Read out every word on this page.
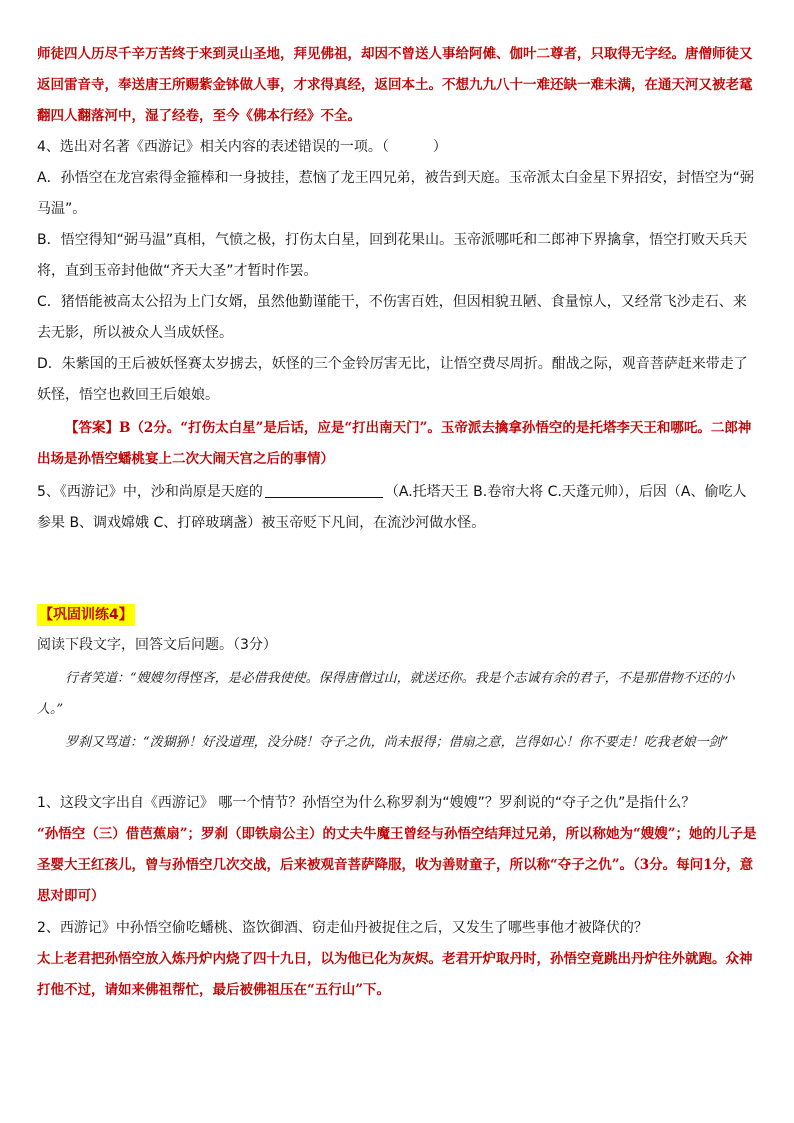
师徒四人历尽千辛万苦终于来到灵山圣地，拜见佛祖，却因不曾送人事给阿傩、伽叶二尊者，只取得无字经。唐僧师徒又返回雷音寺，奉送唐王所赐紫金钵做人事，才求得真经，返回本土。不想九九八十一难还缺一难未满，在通天河又被老鼋翻四人翻落河中，湿了经卷，至今《佛本行经》不全。

4、选出对名著《西游记》相关内容的表述错误的一项。（	）

A．孙悟空在龙宫索得金箍棒和一身披挂，惹恼了龙王四兄弟，被告到天庭。玉帝派太白金星下界招安，封悟空为“弼马温”。

B．悟空得知“弼马温”真相，气愤之极，打伤太白星，回到花果山。玉帝派哪吒和二郎神下界擒拿，悟空打败天兵天将，直到玉帝封他做“齐天大圣”才暂时作罢。

C．猪悟能被高太公招为上门女婿，虽然他勤谨能干，不伤害百姓，但因相貌丑陋、食量惊人，又经常飞沙走石、来去无影，所以被众人当成妖怪。

D．朱紫国的王后被妖怪赛太岁掳去，妖怪的三个金铃厉害无比，让悟空费尽周折。酣战之际，观音菩萨赶来带走了妖怪，悟空也救回王后娘娘。

【答案】B（2分。“打伤太白星”是后话，应是“打出南天门”。玉帝派去擒拿孙悟空的是托塔李天王和哪吒。二郎神出场是孙悟空蟠桃宴上二次大闹天宫之后的事情）

5、《西游记》中，沙和尚原是天庭的	（A.托塔天王 B.卷帘大将 C.天蓬元帅），后因（A、偷吃人参果 B、调戏嫦娥 C、打碎玻璃盏）被玉帝贬下凡间，在流沙河做水怪。

【巩固训练4】

阅读下段文字，回答文后问题。（3分）

行者笑道：“嫂嫂勿得悭吝，是必借我使使。保得唐僧过山，就送还你。我是个志诚有余的君子，不是那借物不还的小人。”

罗刹又骂道：“泼猢狲！好没道理，没分晓！夺子之仇，尚未报得；借扇之意，岂得如心！你不要走！吃我老娘一剑”

1、这段文字出自《西游记》 哪一个情节？孙悟空为什么称罗刹为“嫂嫂”？罗刹说的“夺子之仇”是指什么？

“孙悟空（三）借芭蕉扇”；罗刹（即铁扇公主）的丈夫牛魔王曾经与孙悟空结拜过兄弟，所以称她为“嫂嫂”；她的儿子是圣婴大王红孩儿，曾与孙悟空几次交战，后来被观音菩萨降服，收为善财童子，所以称“夺子之仇”。（3分。每问1分，意思对即可）

2、西游记》中孙悟空偷吃蟠桃、盗饮御酒、窃走仙丹被捉住之后，又发生了哪些事他才被降伏的？

太上老君把孙悟空放入炼丹炉内烧了四十九日，以为他已化为灰烬。老君开炉取丹时，孙悟空竟跳出丹炉往外就跑。众神打他不过，请如来佛祖帮忙，最后被佛祖压在“五行山”下。
